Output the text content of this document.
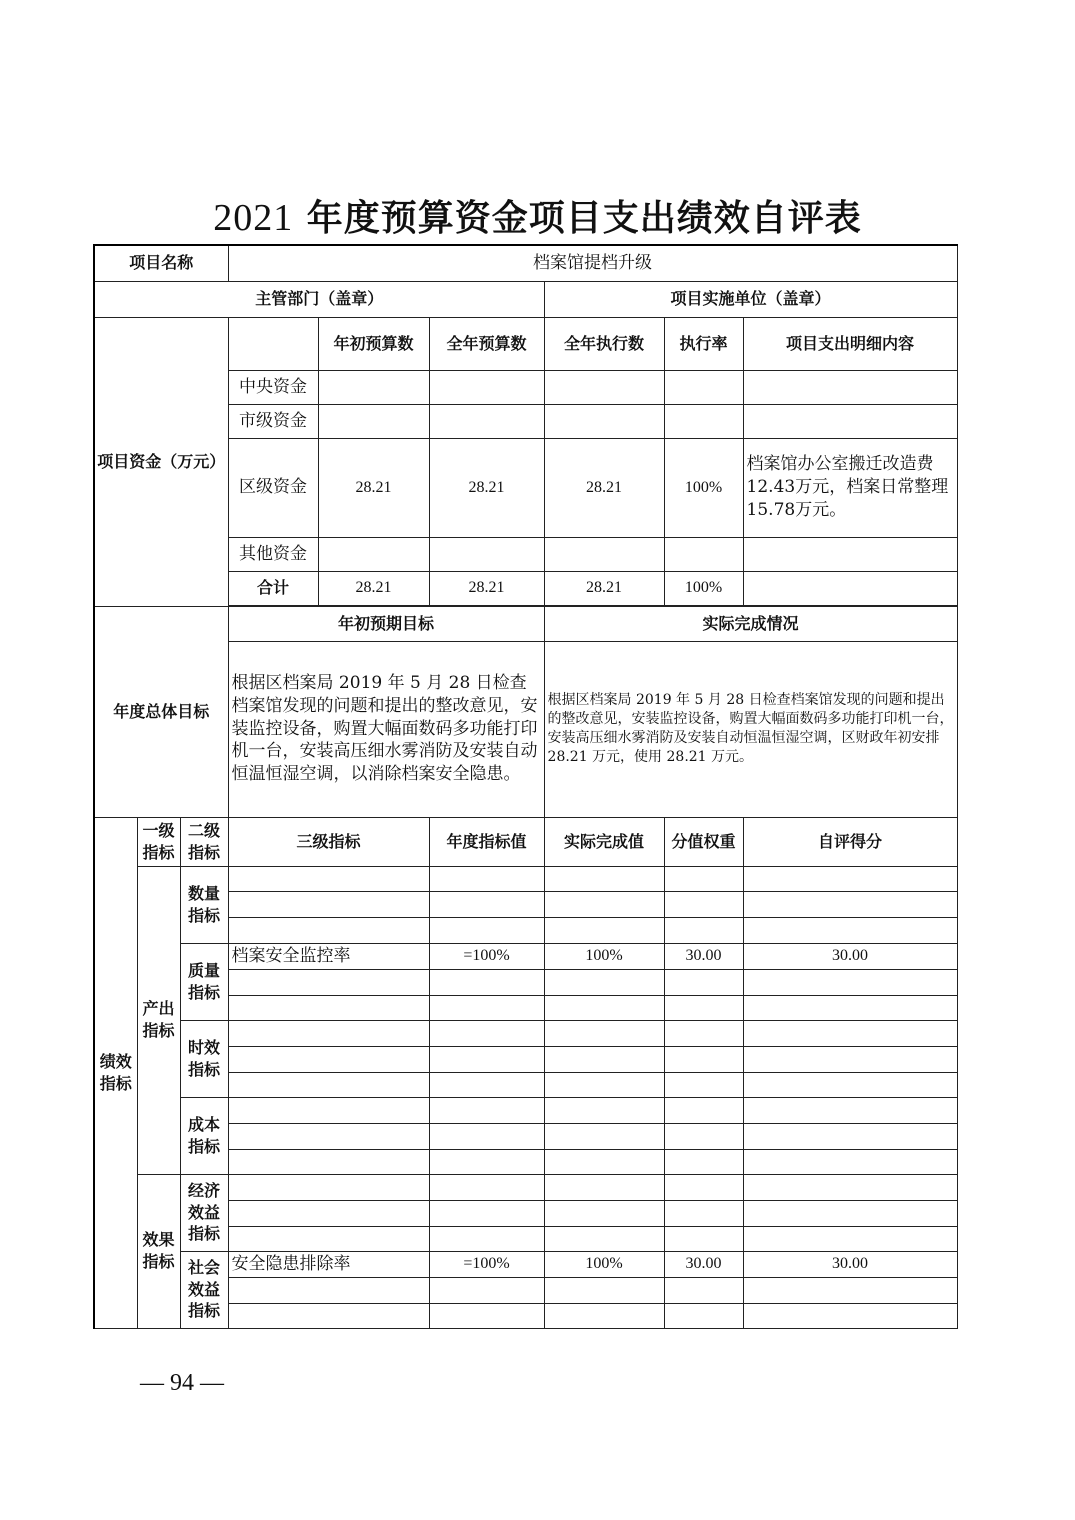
2021 年度预算资金项目支出绩效自评表
项目名称			档案馆提档升级					
主管部门（盖章）						项目实施单位（盖章）		
项目资金（万元）				年初预算数	全年预算数	全年执行数	执行率	项目支出明细内容
			中央资金					
			市级资金					
			区级资金	28.21	28.21	28.21	100%	档案馆办公室搬迁改造费12.43万元，档案日常整理15.78万元。
			其他资金					
			合计	28.21	28.21	28.21	100%	

年度总体目标			年初预期目标			实际完成情况		
			根据区档案局 2019 年 5 月 28 日检查档案馆发现的问题和提出的整改意见，安装监控设备，购置大幅面数码多功能打印机一台，安装高压细水雾消防及安装自动恒温恒湿空调，以消除档案安全隐患。			根据区档案局 2019 年 5 月 28 日检查档案馆发现的问题和提出的整改意见，安装监控设备，购置大幅面数码多功能打印机一台，安装高压细水雾消防及安装自动恒温恒湿空调，区财政年初安排 28.21 万元，使用 28.21 万元。		
绩效指标	一级指标	二级指标	三级指标		年度指标值	实际完成值	分值权重	自评得分
	产出指标	数量指标						

		质量指标	档案安全监控率		=100%	100%	30.00	30.00

		时效指标						

		成本指标						

	效果指标	经济效益指标						

		社会效益指标	安全隐患排除率		=100%	100%	30.00	30.00

— 94 —
